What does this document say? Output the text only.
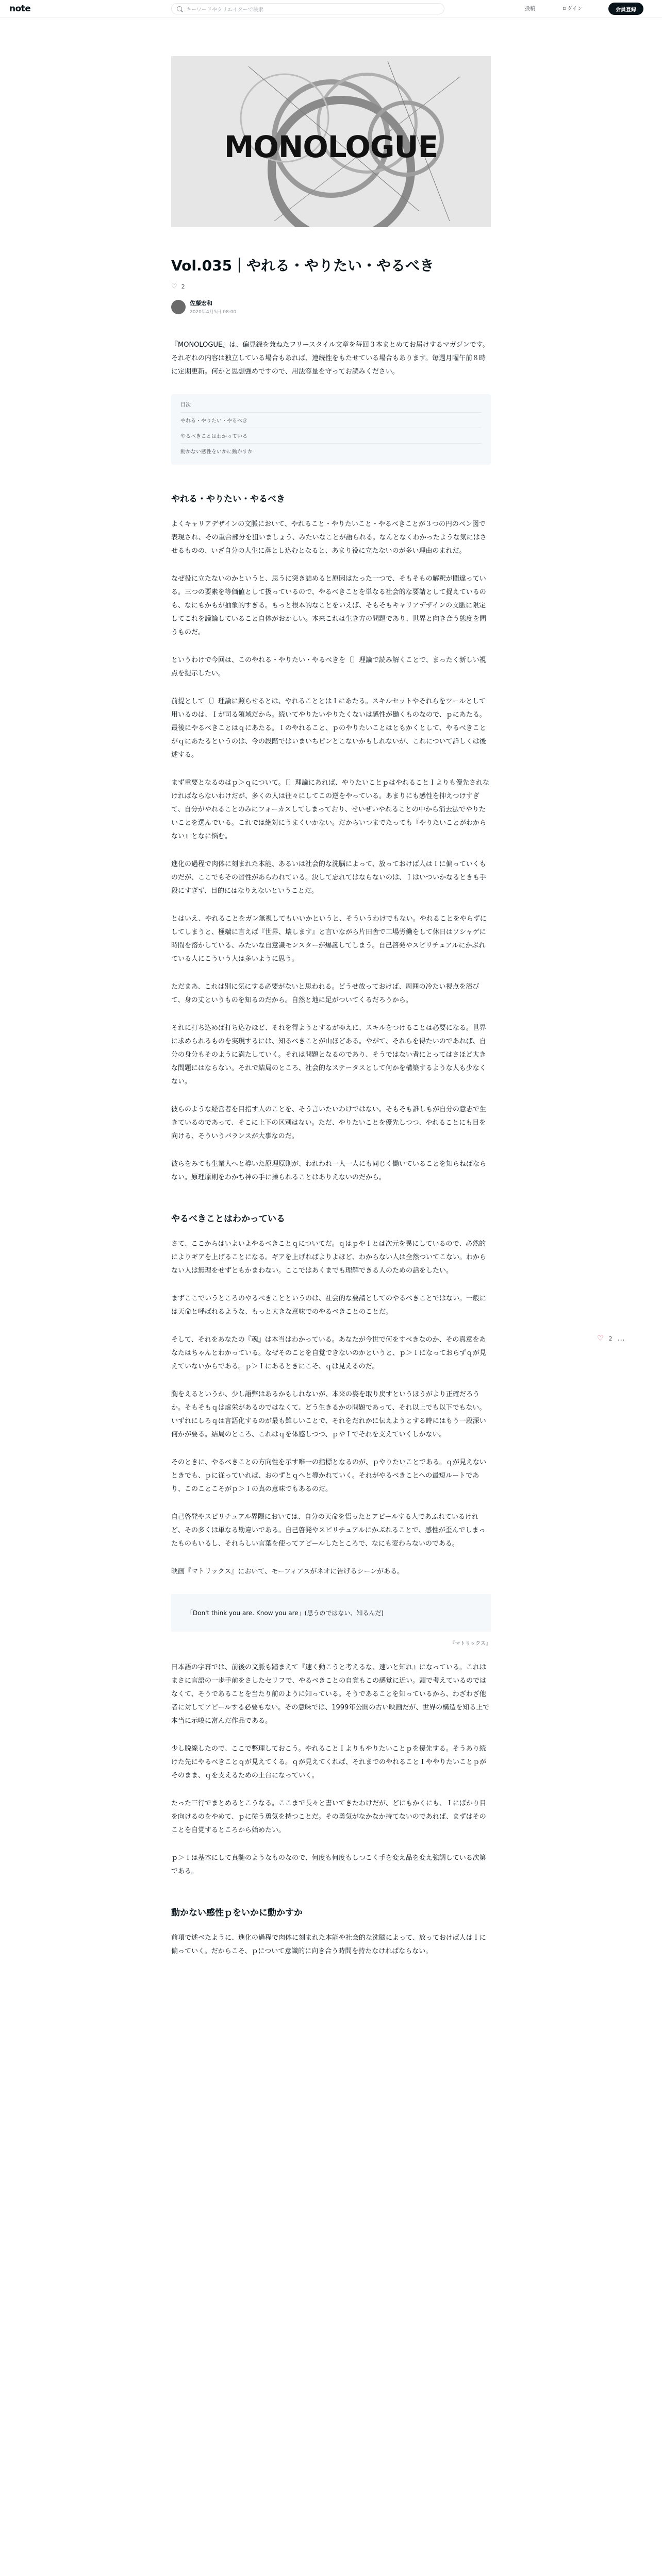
note	キーワードやクリエイターで検索	投稿	ログイン	会員登録
MONOLOGUE
Vol.035｜やれる・やりたい・やるべき
♡ 2
佐藤宏和
2020年4月5日 08:00

『MONOLOGUE』は、偏見録を兼ねたフリースタイル文章を毎回３本まとめてお届けするマガジンです。それぞれの内容は独立している場合もあれば、連続性をもたせている場合もあります。毎週月曜午前８時に定期更新。何かと思想強めですので、用法容量を守ってお読みください。

目次
やれる・やりたい・やるべき
やるべきことはわかっている
動かない感性をいかに動かすか
やれる・やりたい・やるべき

よくキャリアデザインの文脈において、やれること・やりたいこと・やるべきことが３つの円のベン図で表現され、その重合部分を狙いましょう、みたいなことが語られる。なんとなくわかったような気にはさせるものの、いざ自分の人生に落とし込むとなると、あまり役に立たないのが多い理由のまれだ。

なぜ役に立たないのかというと、思うに突き詰めると原因はたった一つで、そもそもの解釈が間違っている。三つの要素を等価値として扱っているので、やるべきことを単なる社会的な要請として捉えているのも、なにもかもが抽象的すぎる。もっと根本的なことをいえば、そもそもキャリアデザインの文脈に限定してこれを議論していること自体がおかしい。本来これは生き方の問題であり、世界と向き合う態度を問うものだ。

というわけで今回は、このやれる・やりたい・やるべきを〔〕理論で読み解くことで、まったく新しい視点を提示したい。

前提として〔〕理論に照らせるとは、やれることとはＩにあたる。スキルセットやそれらをツールとして用いるのは、Ｉが司る領域だから。続いてやりたいやりたくないは感性が働くものなので、ｐにあたる。最後にやるべきことはｑにあたる。Ｉのやれること、ｐのやりたいことはともかくとして、やるべきことがｑにあたるというのは、今の段階ではいまいちピンとこないかもしれないが、これについて詳しくは後述する。

まず重要となるのはｐ＞ｑについて。〔〕理論にあれば、やりたいことｐはやれることＩよりも優先されなければならないわけだが、多くの人は往々にしてこの逆をやっている。あまりにも感性を抑えつけすぎて、自分がやれることのみにフォーカスしてしまっており、せいぜいやれることの中から消去法でやりたいことを選んでいる。これでは絶対にうまくいかない。だからいつまでたっても『やりたいことがわからない』となに悩む。

進化の過程で肉体に刻まれた本能、あるいは社会的な洗脳によって、放っておけば人はＩに偏っていくものだが、ここでもその習性があらわれている。決して忘れてはならないのは、Ｉはいついかなるときも手段にすぎず、目的にはなりえないということだ。

とはいえ、やれることをガン無視してもいいかというと、そういうわけでもない。やれることをやらずにしてしまうと、極端に言えば『世界、壊します』と言いながら片田舎で工場労働をして休日はソシャゲに時間を溶かしている、みたいな自意識モンスターが爆誕してしまう。自己啓発やスピリチュアルにかぶれている人にこういう人は多いように思う。

ただまあ、これは別に気にする必要がないと思われる。どうせ放っておけば、周囲の冷たい視点を浴びて、身の丈というものを知るのだから。自然と地に足がついてくるだろうから。

それに打ち込めば打ち込むほど、それを得ようとするがゆえに、スキルをつけることは必要になる。世界に求められるものを実現するには、知るべきことが山ほどある。やがて、それらを得たいのであれば、自分の身分もそのように満たしていく。それは問題となるのであり、そうではない者にとってはさほど大きな問題にはならない。それで結局のところ、社会的なステータスとして何かを構築するような人も少なくない。

彼らのような経営者を目指す人のことを、そう言いたいわけではない。そもそも誰しもが自分の意志で生きているのであって、そこに上下の区別はない。ただ、やりたいことを優先しつつ、やれることにも目を向ける、そういうバランスが大事なのだ。

彼らをみても生業人へと導いた原理原則が、われわれ一人一人にも同じく働いていることを知らねばならない。原理原則をわかち神の手に操られることはありえないのだから。

やるべきことはわかっている

さて、ここからはいよいよやるべきことｑについてだ。ｑはｐやＩとは次元を異にしているので、必然的によりギアを上げることになる。ギアを上げればよりよほど、わからない人は全然ついてこない。わからない人は無理をせずともかまわない。ここではあくまでも理解できる人のための話をしたい。

まずここでいうところのやるべきことというのは、社会的な要請としてのやるべきことではない。一般には天命と呼ばれるような、もっと大きな意味でのやるべきことのことだ。

そして、それをあなたの『魂』は本当はわかっている。あなたが今世で何をすべきなのか、その真意をあなたはちゃんとわかっている。なぜそのことを自覚できないのかというと、ｐ＞Ｉになっておらずｑが見えていないからである。ｐ＞Ｉにあるときにこそ、ｑは見えるのだ。

胸をえるというか、少し語弊はあるかもしれないが、本来の姿を取り戻すというほうがより正確だろうか。そもそもｑは虚栄があるのではなくて、どう生きるかの問題であって、それ以上でも以下でもない。いずれにしろｑは言語化するのが最も難しいことで、それをだれかに伝えようとする時にはもう一段深い何かが要る。結局のところ、これはｑを体感しつつ、ｐやＩでそれを支えていくしかない。

そのときに、やるべきことの方向性を示す唯一の指標となるのが、ｐやりたいことである。ｑが見えないときでも、ｐに従っていれば、おのずとｑへと導かれていく。それがやるべきことへの最短ルートであり、このことこそがｐ＞Ｉの真の意味でもあるのだ。

自己啓発やスピリチュアル界隈においては、自分の天命を悟ったとアピールする人であふれているけれど、その多くは単なる勘違いである。自己啓発やスピリチュアルにかぶれることで、感性が歪んでしまったものもいるし、それらしい言葉を使ってアピールしたところで、なにも変わらないのである。

映画『マトリックス』において、モーフィアスがネオに告げるシーンがある。

「Don't think you are. Know you are」(思うのではない、知るんだ)
『マトリックス』

日本語の字幕では、前後の文脈も踏まえて『速く動こうと考えるな、速いと知れ』になっている。これはまさに言語の一歩手前をさしたセリフで、やるべきことの自覚もこの感覚に近い。頭で考えているのではなくて、そうであることを当たり前のように知っている。そうであることを知っているから、わざわざ他者に対してアピールする必要もない。その意味では、1999年公開の古い映画だが、世界の構造を知る上で本当に示唆に富んだ作品である。

少し脱線したので、ここで整理しておこう。やれることＩよりもやりたいことｐを優先する。そうあり続けた先にやるべきことｑが見えてくる。ｑが見えてくれば、それまでのやれることＩややりたいことｐがそのまま、ｑを支えるための土台になっていく。

たった三行でまとめるとこうなる。ここまで長々と書いてきたわけだが、どにもかくにも、Ｉにばかり目を向けるのをやめて、ｐに従う勇気を持つことだ。その勇気がなかなか持てないのであれば、まずはそのことを自覚するところから始めたい。

ｐ＞Ｉは基本にして真髄のようなものなので、何度も何度もしつこく手を変え品を変え強調している次第である。

動かない感性ｐをいかに動かすか

前項で述べたように、進化の過程で肉体に刻まれた本能や社会的な洗脳によって、放っておけば人はＩに偏っていく。だからこそ、ｐについて意識的に向き合う時間を持たなければならない。

♡ 2 …
